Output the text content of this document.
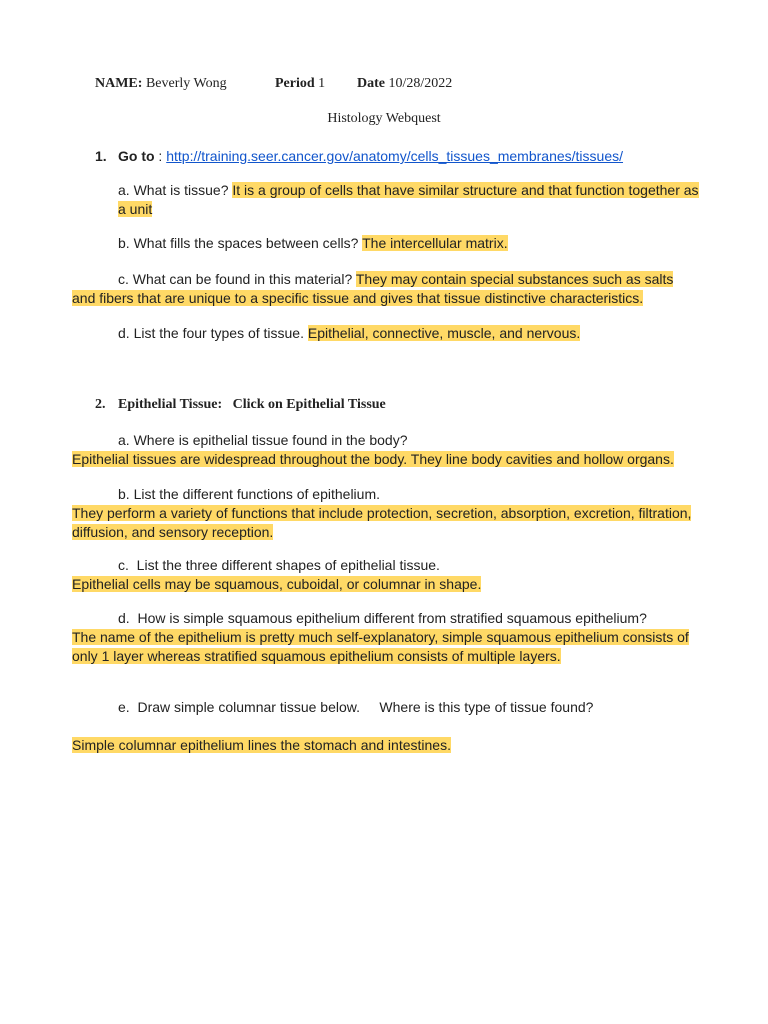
NAME: Beverly Wong	Period 1 Date 10/28/2022
Histology Webquest
1. Go to : http://training.seer.cancer.gov/anatomy/cells_tissues_membranes/tissues/
a. What is tissue? It is a group of cells that have similar structure and that function together as a unit
b. What fills the spaces between cells? The intercellular matrix.
c. What can be found in this material? They may contain special substances such as salts and fibers that are unique to a specific tissue and gives that tissue distinctive characteristics.
d. List the four types of tissue. Epithelial, connective, muscle, and nervous.
2. Epithelial Tissue:   Click on Epithelial Tissue
a. Where is epithelial tissue found in the body?
Epithelial tissues are widespread throughout the body. They line body cavities and hollow organs.
b. List the different functions of epithelium.
They perform a variety of functions that include protection, secretion, absorption, excretion, filtration, diffusion, and sensory reception.
c.  List the three different shapes of epithelial tissue.
Epithelial cells may be squamous, cuboidal, or columnar in shape.
d.  How is simple squamous epithelium different from stratified squamous epithelium?
The name of the epithelium is pretty much self-explanatory, simple squamous epithelium consists of only 1 layer whereas stratified squamous epithelium consists of multiple layers.
e.  Draw simple columnar tissue below.     Where is this type of tissue found?
Simple columnar epithelium lines the stomach and intestines.
